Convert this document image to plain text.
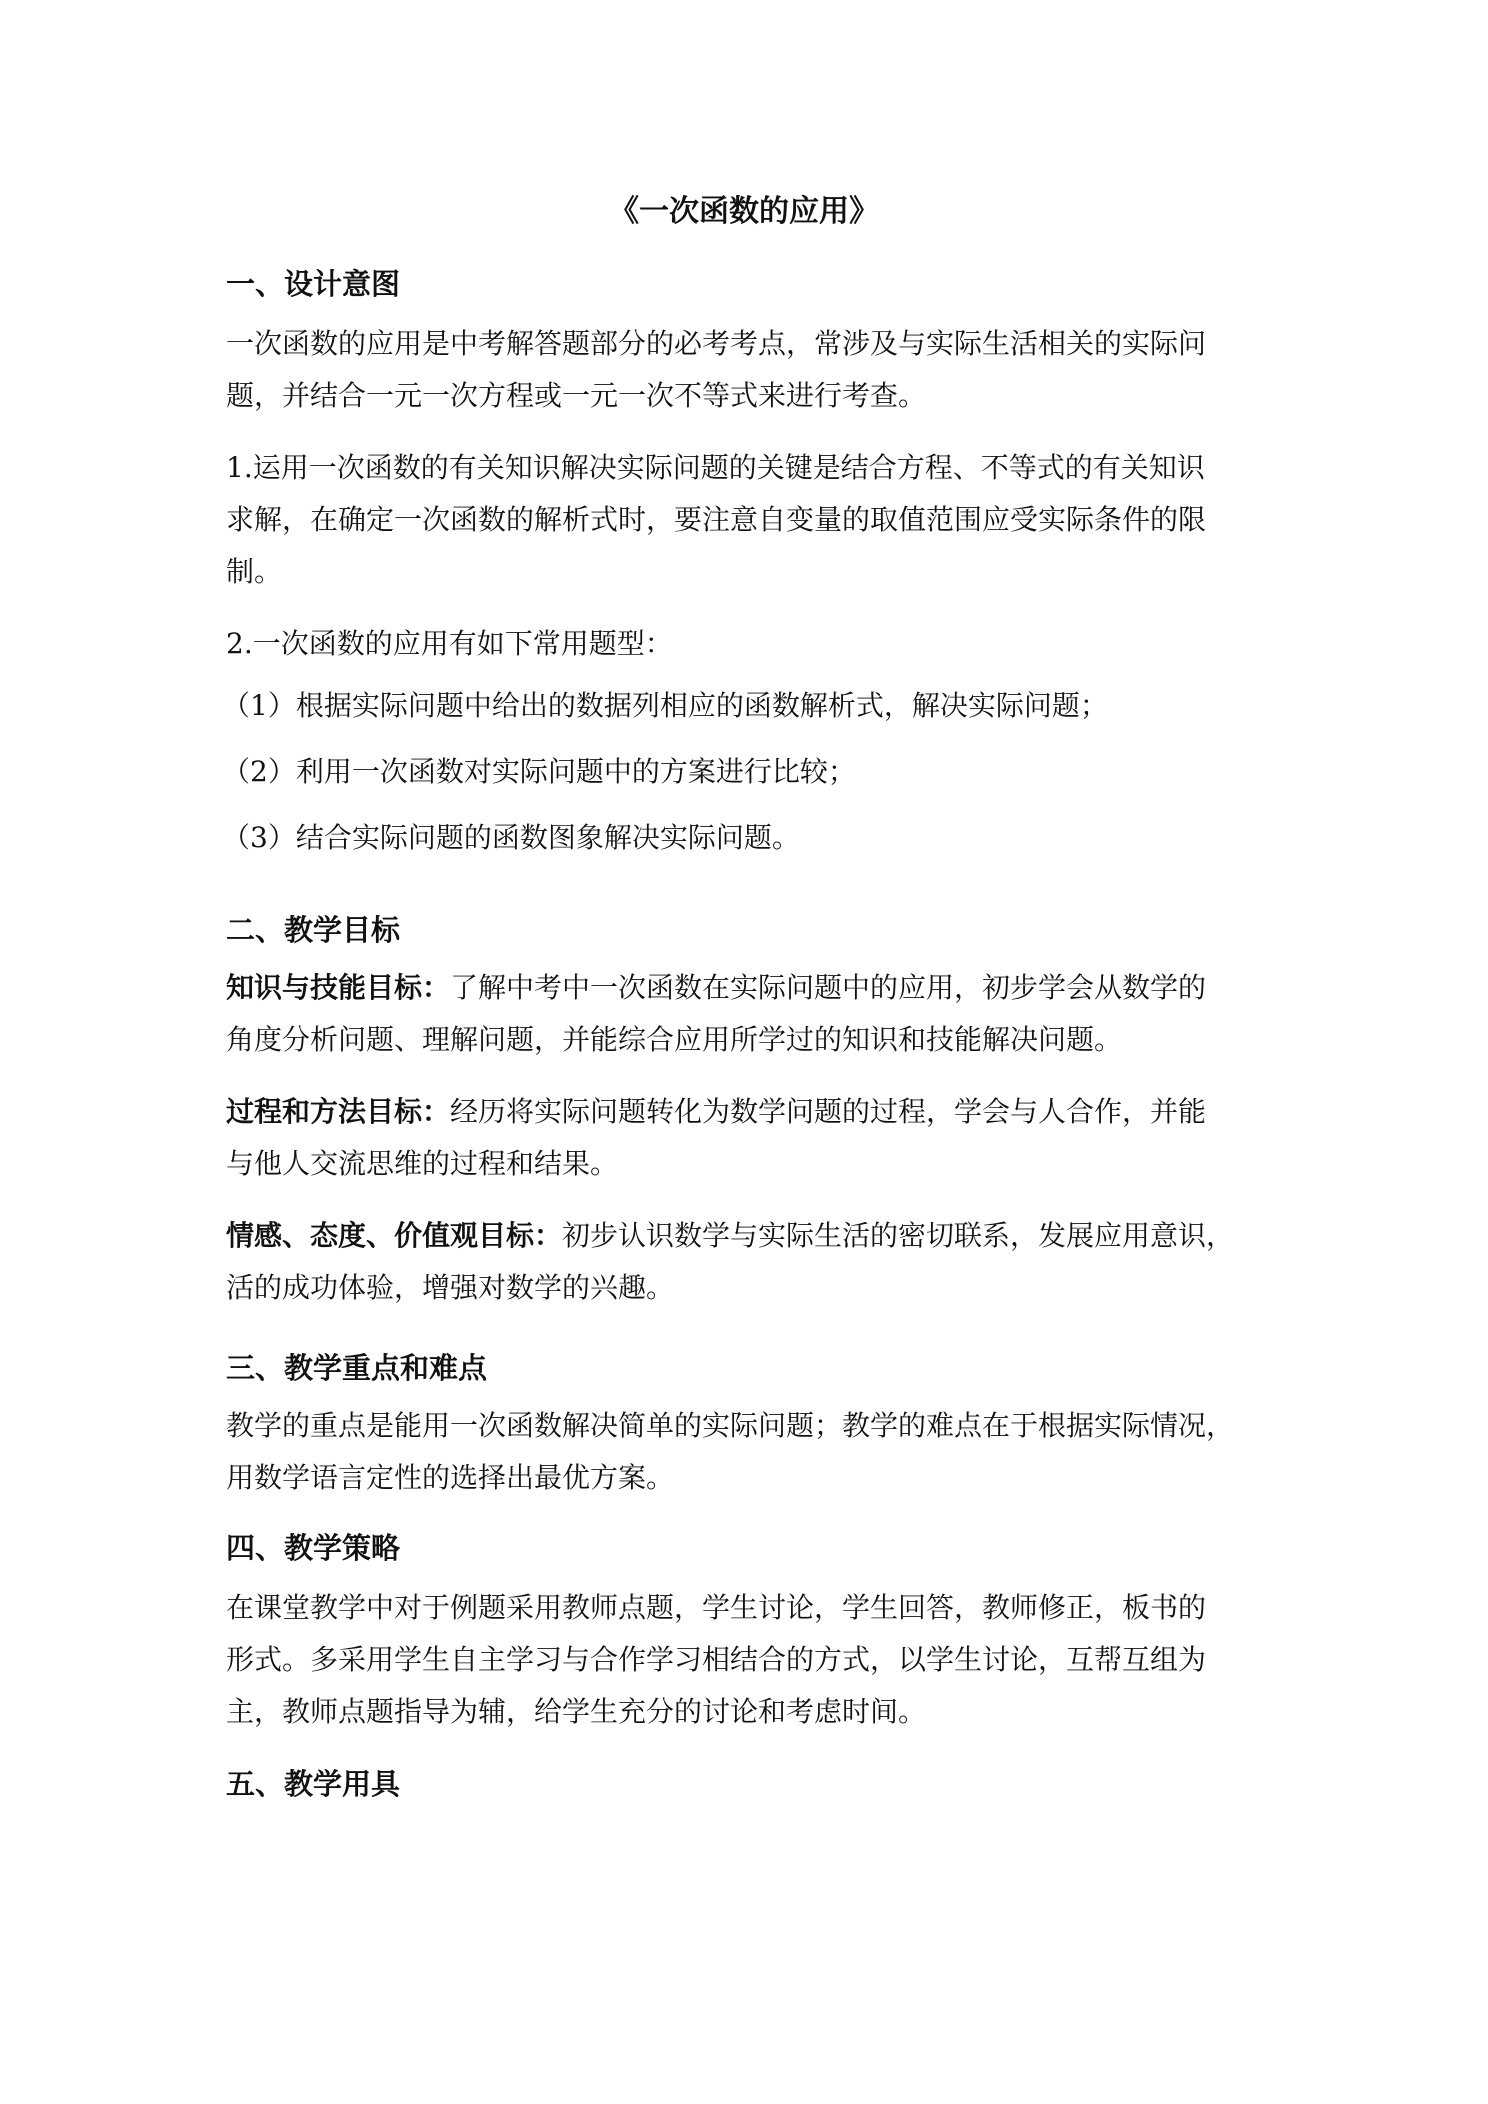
《一次函数的应用》
一、设计意图

一次函数的应用是中考解答题部分的必考考点，常涉及与实际生活相关的实际问

题，并结合一元一次方程或一元一次不等式来进行考查。

1.运用一次函数的有关知识解决实际问题的关键是结合方程、不等式的有关知识

求解，在确定一次函数的解析式时，要注意自变量的取值范围应受实际条件的限

制。

2.一次函数的应用有如下常用题型：

（1）根据实际问题中给出的数据列相应的函数解析式，解决实际问题；

（2）利用一次函数对实际问题中的方案进行比较；

（3）结合实际问题的函数图象解决实际问题。

二、教学目标

知识与技能目标：了解中考中一次函数在实际问题中的应用，初步学会从数学的

角度分析问题、理解问题，并能综合应用所学过的知识和技能解决问题。

过程和方法目标：经历将实际问题转化为数学问题的过程，学会与人合作，并能

与他人交流思维的过程和结果。

情感、态度、价值观目标：初步认识数学与实际生活的密切联系，发展应用意识，

活的成功体验，增强对数学的兴趣。

三、教学重点和难点

教学的重点是能用一次函数解决简单的实际问题；教学的难点在于根据实际情况，

用数学语言定性的选择出最优方案。

四、教学策略

在课堂教学中对于例题采用教师点题，学生讨论，学生回答，教师修正，板书的

形式。多采用学生自主学习与合作学习相结合的方式，以学生讨论，互帮互组为

主，教师点题指导为辅，给学生充分的讨论和考虑时间。

五、教学用具
